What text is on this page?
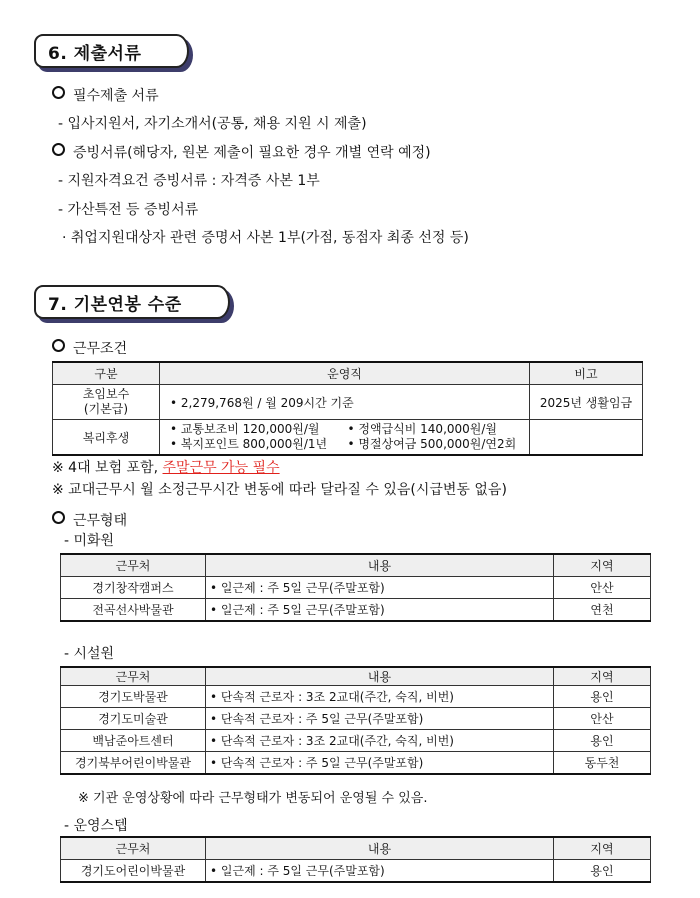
6. 제출서류
필수제출 서류
- 입사지원서, 자기소개서(공통, 채용 지원 시 제출)
증빙서류(해당자, 원본 제출이 필요한 경우 개별 연락 예정)
- 지원자격요건 증빙서류 : 자격증 사본 1부
- 가산특전 등 증빙서류
· 취업지원대상자 관련 증명서 사본 1부(가점, 동점자 최종 선정 등)
7. 기본연봉 수준
근무조건
구분	운영직	비고

초임보수
(기본급)	• 2,279,768원 / 월 209시간 기준	2025년 생활임금
복리후생	• 교통보조비 120,000원/월 • 정액급식비 140,000원/월
• 복지포인트 800,000원/1년 • 명절상여금 500,000원/연2회	

※ 4대 보험 포함, 주말근무 가능 필수
※ 교대근무시 월 소정근무시간 변동에 따라 달라질 수 있음(시급변동 없음)
근무형태
- 미화원
근무처	내용	지역
경기창작캠퍼스	• 일근제 : 주 5일 근무(주말포함)	안산
전곡선사박물관	• 일근제 : 주 5일 근무(주말포함)	연천
- 시설원
근무처	내용	지역
경기도박물관	• 단속적 근로자 : 3조 2교대(주간, 숙직, 비번)	용인
경기도미술관	• 단속적 근로자 : 주 5일 근무(주말포함)	안산
백남준아트센터	• 단속적 근로자 : 3조 2교대(주간, 숙직, 비번)	용인
경기북부어린이박물관	• 단속적 근로자 : 주 5일 근무(주말포함)	동두천
※ 기관 운영상황에 따라 근무형태가 변동되어 운영될 수 있음.
- 운영스텝
근무처	내용	지역
경기도어린이박물관	• 일근제 : 주 5일 근무(주말포함)	용인
